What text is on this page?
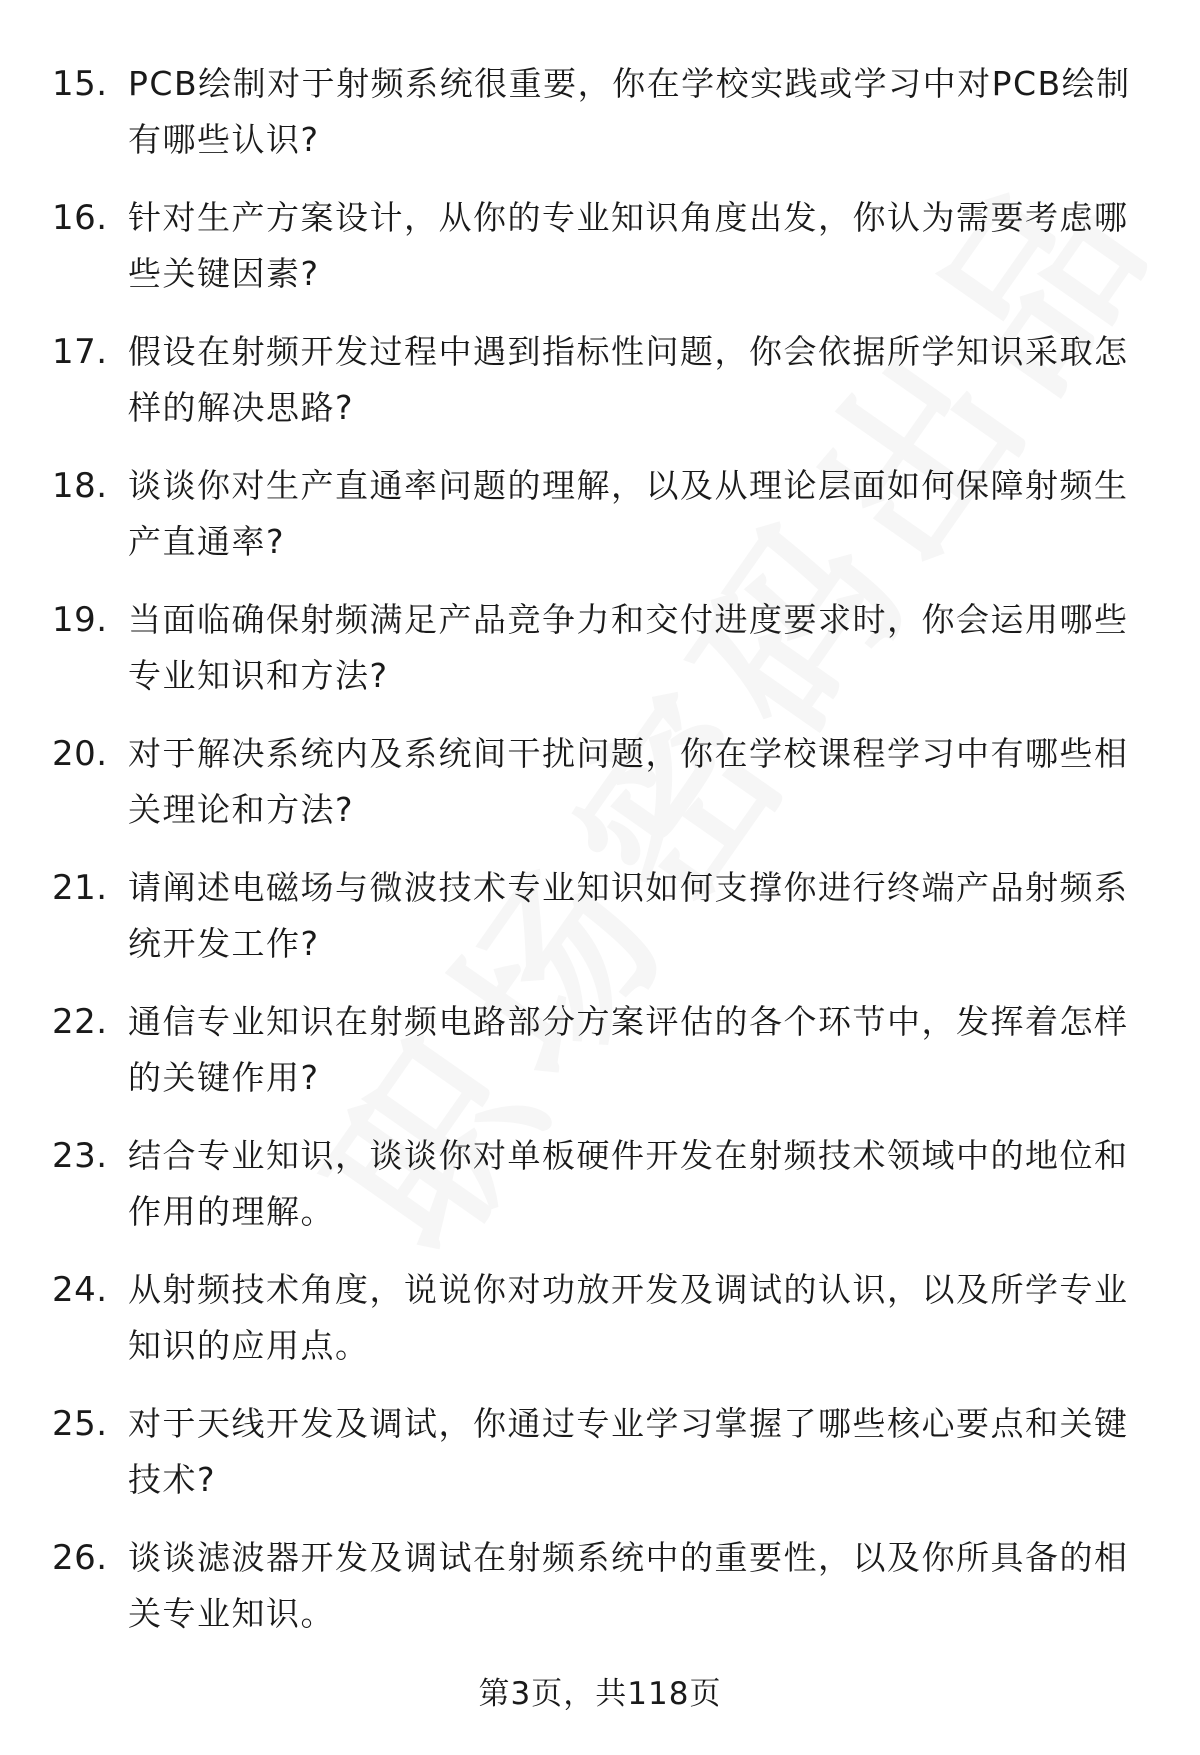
15. PCB绘制对于射频系统很重要，你在学校实践或学习中对PCB绘制有哪些认识?
16. 针对生产方案设计，从你的专业知识角度出发，你认为需要考虑哪些关键因素?
17. 假设在射频开发过程中遇到指标性问题，你会依据所学知识采取怎样的解决思路?
18. 谈谈你对生产直通率问题的理解，以及从理论层面如何保障射频生产直通率?
19. 当面临确保射频满足产品竞争力和交付进度要求时，你会运用哪些专业知识和方法?
20. 对于解决系统内及系统间干扰问题，你在学校课程学习中有哪些相关理论和方法?
21. 请阐述电磁场与微波技术专业知识如何支撑你进行终端产品射频系统开发工作?
22. 通信专业知识在射频电路部分方案评估的各个环节中，发挥着怎样的关键作用?
23. 结合专业知识，谈谈你对单板硬件开发在射频技术领域中的地位和作用的理解。
24. 从射频技术角度，说说你对功放开发及调试的认识，以及所学专业知识的应用点。
25. 对于天线开发及调试，你通过专业学习掌握了哪些核心要点和关键技术?
26. 谈谈滤波器开发及调试在射频系统中的重要性，以及你所具备的相关专业知识。
第3页，共118页
